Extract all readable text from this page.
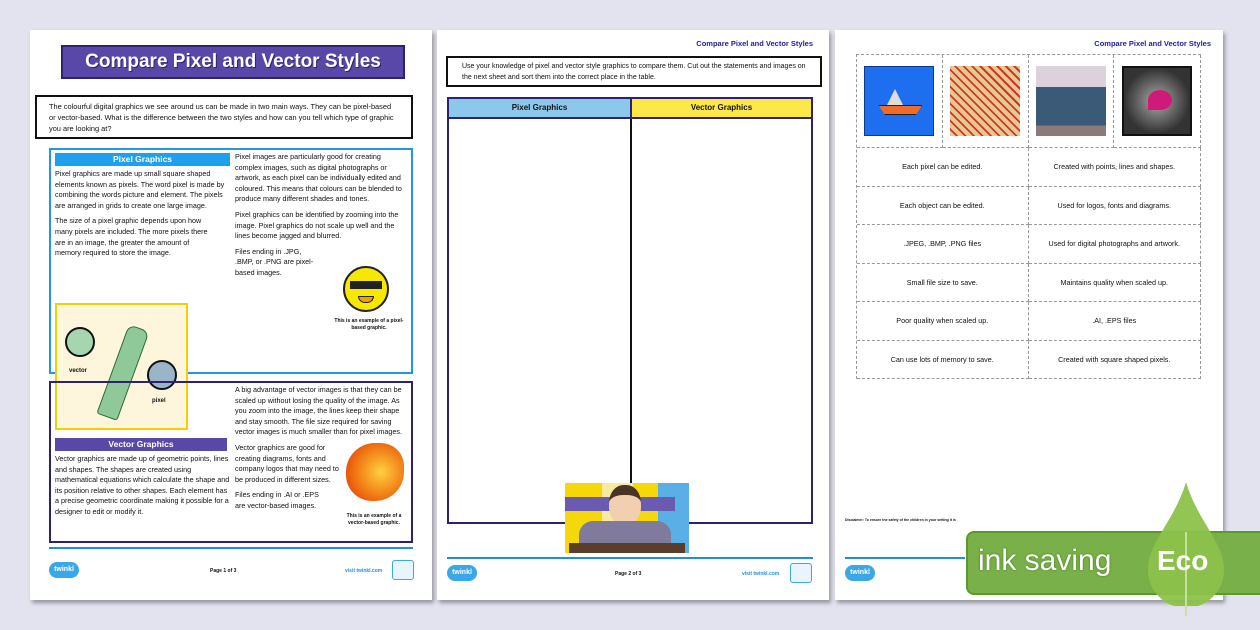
Compare Pixel and Vector Styles
The colourful digital graphics we see around us can be made in two main ways. They can be pixel-based or vector-based. What is the difference between the two styles and how can you tell which type of graphic you are looking at?
Pixel Graphics
Pixel graphics are made up small square shaped elements known as pixels. The word pixel is made by combining the words picture and element. The pixels are arranged in grids to create one large image.
The size of a pixel graphic depends upon how many pixels are included. The more pixels there are in an image, the greater the amount of memory required to store the image.
Pixel images are particularly good for creating complex images, such as digital photographs or artwork, as each pixel can be individually edited and coloured. This means that colours can be blended to produce many different shades and tones.
Pixel graphics can be identified by zooming into the image. Pixel graphics do not scale up well and the lines become jagged and blurred.
Files ending in .JPG, .BMP, or .PNG are pixel-based images.
This is an example of a pixel-based graphic.
vector
pixel
Vector Graphics
Vector graphics are made up of geometric points, lines and shapes. The shapes are created using mathematical equations which calculate the shape and its position relative to other shapes. Each element has a precise geometric coordinate making it possible for a designer to edit or modify it.
A big advantage of vector images is that they can be scaled up without losing the quality of the image. As you zoom into the image, the lines keep their shape and stay smooth. The file size required for saving vector images is much smaller than for pixel images.
Vector graphics are good for creating diagrams, fonts and company logos that may need to be produced in different sizes.
Files ending in .AI or .EPS are vector-based images.
This is an example of a vector-based graphic.
twinkl	Page 1 of 3	visit twinkl.com
Compare Pixel and Vector Styles
Use your knowledge of pixel and vector style graphics to compare them. Cut out the statements and images on the next sheet and sort them into the correct place in the table.
Pixel Graphics	Vector Graphics
twinkl	Page 2 of 3	visit twinkl.com
Compare Pixel and Vector Styles
Each pixel can be edited.	Created with points, lines and shapes.
Each object can be edited.	Used for logos, fonts and diagrams.
.JPEG, .BMP, .PNG files	Used for digital photographs and artwork.
Small file size to save.	Maintains quality when scaled up.
Poor quality when scaled up.	.AI, .EPS files
Can use lots of memory to save.	Created with square shaped pixels.
Disclaimer: To ensure the safety of the children in your setting it is
twinkl	ink saving Eco
